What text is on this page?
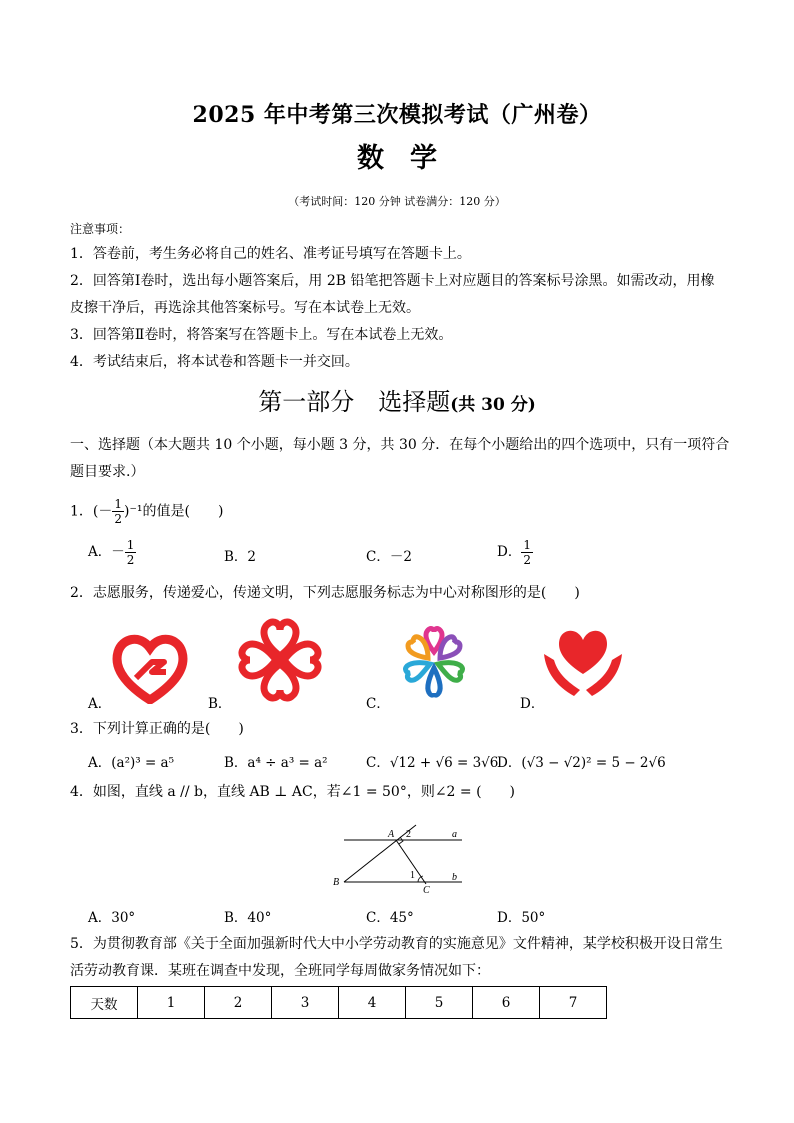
2025 年中考第三次模拟考试（广州卷）
数学
（考试时间：120 分钟 试卷满分：120 分）
注意事项：
1．答卷前，考生务必将自己的姓名、准考证号填写在答题卡上。
2．回答第Ⅰ卷时，选出每小题答案后，用 2B 铅笔把答题卡上对应题目的答案标号涂黑。如需改动，用橡
皮擦干净后，再选涂其他答案标号。写在本试卷上无效。
3．回答第Ⅱ卷时，将答案写在答题卡上。写在本试卷上无效。
4．考试结束后，将本试卷和答题卡一并交回。
第一部分　选择题(共 30 分)
一、选择题（本大题共 10 个小题，每小题 3 分，共 30 分．在每个小题给出的四个选项中，只有一项符合
题目要求.）
1．(－ $\frac{1}{2} )^{-1}$的值是(　　)
A．－ $\frac{1}{2}$	B．2	C．－2	D． $\frac{1}{2}$
2．志愿服务，传递爱心，传递文明，下列志愿服务标志为中心对称图形的是(　　)
A．	B．	C．	D．
3．下列计算正确的是(　　)
A．(a²)³ = a⁵	B．a⁴ ÷ a³ = a²	C．√12 + √6 = 3√6
D．(√3 − √2)² = 5 − 2√6
4．如图，直线 a // b，直线 AB ⊥ AC，若∠1 = 50°，则∠2 = (　　)
A 2	a
B
1	b
C
A．30°	B．40°	C．45°	D．50°
5．为贯彻教育部《关于全面加强新时代大中小学劳动教育的实施意见》文件精神，某学校积极开设日常生
活劳动教育课．某班在调查中发现，全班同学每周做家务情况如下：
天数	1	2	3	4	5	6	7
